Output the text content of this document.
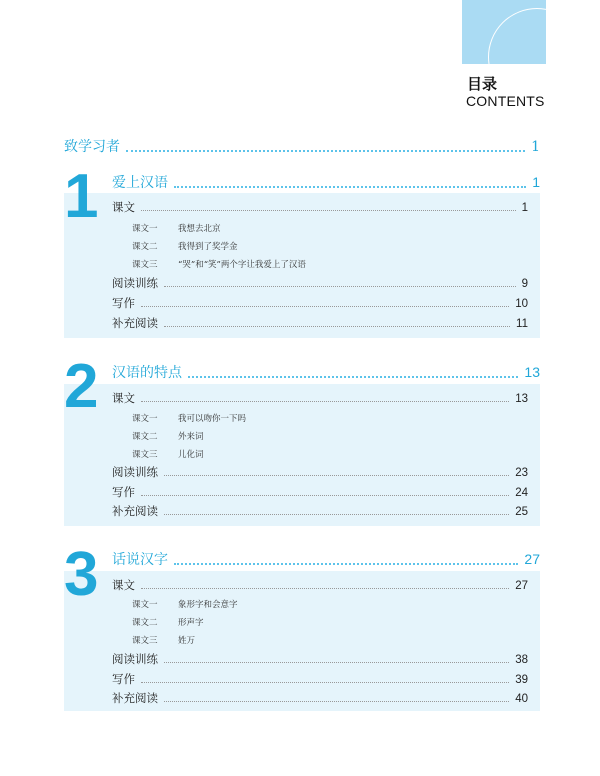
目录
CONTENTS
致学习者	1
1 爱上汉语	1
课文	1
课文一 我想去北京
课文二 我得到了奖学金
课文三 “哭”和“笑”两个字让我爱上了汉语
阅读训练	9
写作	10
补充阅读	11
2 汉语的特点	13
课文	13
课文一 我可以吻你一下吗
课文二 外来词
课文三 儿化词
阅读训练	23
写作	24
补充阅读	25
3 话说汉字	27
课文	27
课文一 象形字和会意字
课文二 形声字
课文三 姓万
阅读训练	38
写作	39
补充阅读	40
